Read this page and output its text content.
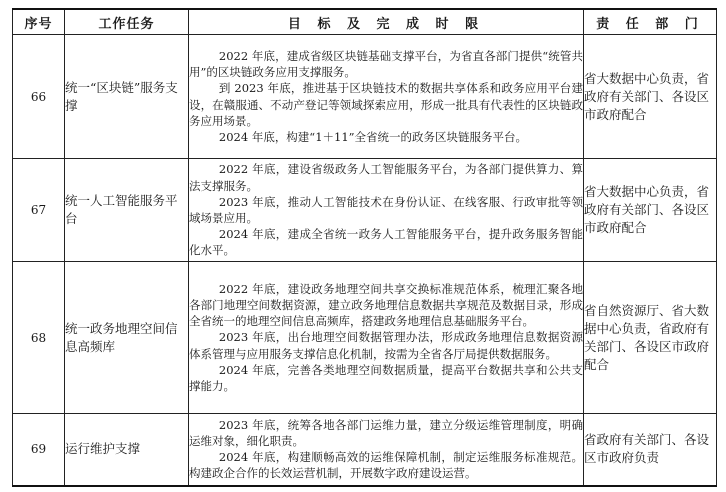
序号	工作任务	目 标 及 完 成 时 限	责 任 部 门
66	统一“区块链”服务支撑	2022 年底，建成省级区块链基础支撑平台，为省直各部门提供“统管共用”的区块链政务应用支撑服务。

到 2023 年底，推进基于区块链技术的数据共享体系和政务应用平台建设，在赣服通、不动产登记等领域探索应用，形成一批具有代表性的区块链政务应用场景。

2024 年底，构建“1＋11”全省统一的政务区块链服务平台。	省大数据中心负责，省政府有关部门、各设区市政府配合
67	统一人工智能服务平台	2022 年底，建设省级政务人工智能服务平台，为各部门提供算力、算法支撑服务。

2023 年底，推动人工智能技术在身份认证、在线客服、行政审批等领域场景应用。

2024 年底，建成全省统一政务人工智能服务平台，提升政务服务智能化水平。	省大数据中心负责，省政府有关部门、各设区市政府配合
68	统一政务地理空间信息高频库	2022 年底，建设政务地理空间共享交换标准规范体系，梳理汇聚各地各部门地理空间数据资源，建立政务地理信息数据共享规范及数据目录，形成全省统一的地理空间信息高频库，搭建政务地理信息基础服务平台。

2023 年底，出台地理空间数据管理办法，形成政务地理信息数据资源体系管理与应用服务支撑信息化机制，按需为全省各厅局提供数据服务。

2024 年底，完善各类地理空间数据质量，提高平台数据共享和公共支撑能力。	省自然资源厅、省大数据中心负责，省政府有关部门、各设区市政府配合
69	运行维护支撑	2023 年底，统筹各地各部门运维力量，建立分级运维管理制度，明确运维对象，细化职责。

2024 年底，构建顺畅高效的运维保障机制，制定运维服务标准规范。构建政企合作的长效运营机制，开展数字政府建设运营。	省政府有关部门、各设区市政府负责
